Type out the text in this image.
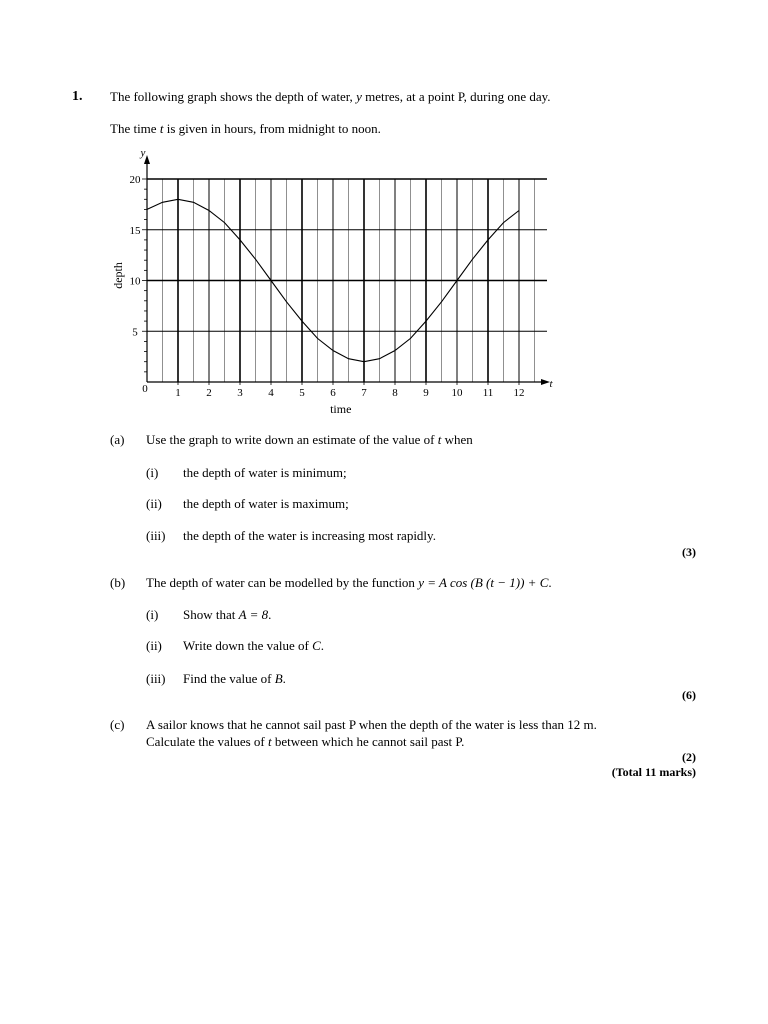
1. The following graph shows the depth of water, y metres, at a point P, during one day.
The time t is given in hours, from midnight to noon.
1 2 3 4 5 6 7 8 9 10 11 12
5
10
15
20
0
time
depth
t
y
(a) Use the graph to write down an estimate of the value of t when
(i) the depth of water is minimum;
(ii) the depth of water is maximum;
(iii) the depth of the water is increasing most rapidly.
(3)
(b) The depth of water can be modelled by the function y = A cos (B (t − 1)) + C.
(i) Show that A = 8.
(ii) Write down the value of C.
(iii) Find the value of B.
(6)
(c) A sailor knows that he cannot sail past P when the depth of the water is less than 12 m.
Calculate the values of t between which he cannot sail past P.
(2)
(Total 11 marks)
